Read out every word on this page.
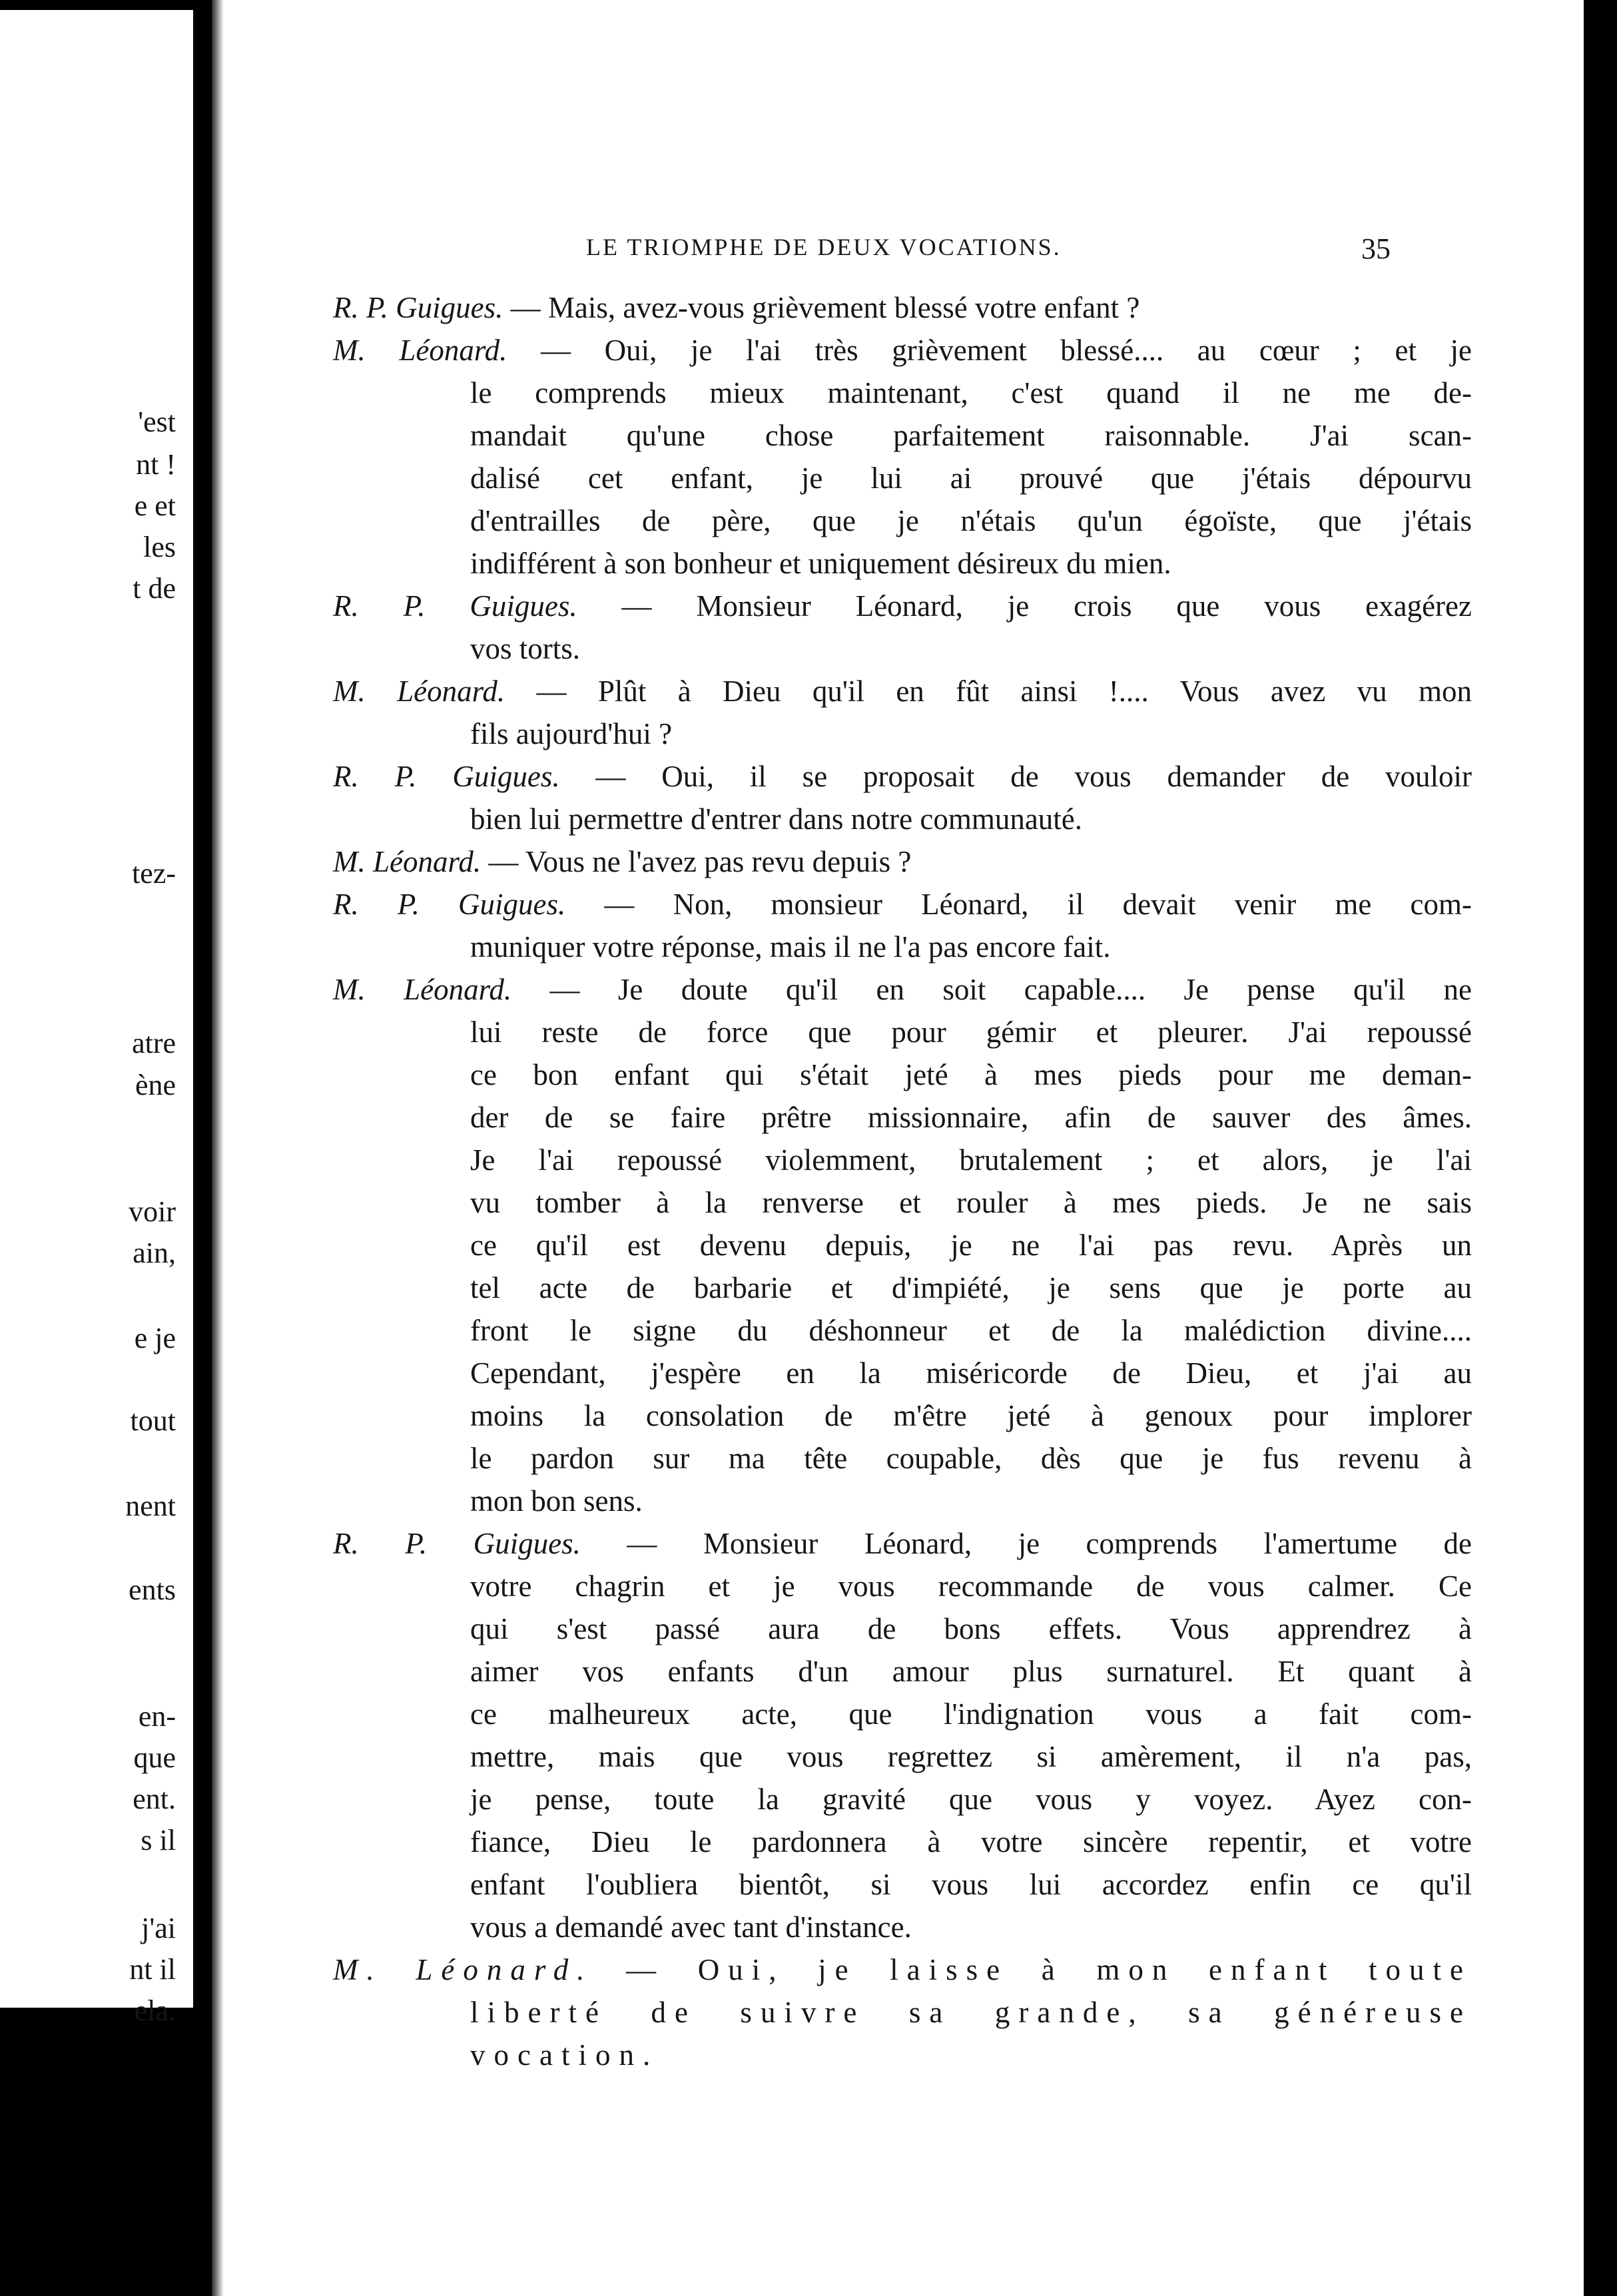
'est
nt !
e et
les
t de
tez-
atre
ène
voir
ain,
e je
tout
nent
ents
en-
que
ent.
s il
j'ai
nt il
ela.
LE TRIOMPHE DE DEUX VOCATIONS.	35
R. P. Guigues. — Mais, avez-vous grièvement blessé votre enfant ?
M. Léonard. — Oui, je l'ai très grièvement blessé.... au cœur ; et je
le comprends mieux maintenant, c'est quand il ne me de-
mandait qu'une chose parfaitement raisonnable. J'ai scan-
dalisé cet enfant, je lui ai prouvé que j'étais dépourvu
d'entrailles de père, que je n'étais qu'un égoïste, que j'étais
indifférent à son bonheur et uniquement désireux du mien.
R. P. Guigues. — Monsieur Léonard, je crois que vous exagérez
vos torts.
M. Léonard. — Plût à Dieu qu'il en fût ainsi !.... Vous avez vu mon
fils aujourd'hui ?
R. P. Guigues. — Oui, il se proposait de vous demander de vouloir
bien lui permettre d'entrer dans notre communauté.
M. Léonard. — Vous ne l'avez pas revu depuis ?
R. P. Guigues. — Non, monsieur Léonard, il devait venir me com-
muniquer votre réponse, mais il ne l'a pas encore fait.
M. Léonard. — Je doute qu'il en soit capable.... Je pense qu'il ne
lui reste de force que pour gémir et pleurer. J'ai repoussé
ce bon enfant qui s'était jeté à mes pieds pour me deman-
der de se faire prêtre missionnaire, afin de sauver des âmes.
Je l'ai repoussé violemment, brutalement ; et alors, je l'ai
vu tomber à la renverse et rouler à mes pieds. Je ne sais
ce qu'il est devenu depuis, je ne l'ai pas revu. Après un
tel acte de barbarie et d'impiété, je sens que je porte au
front le signe du déshonneur et de la malédiction divine....
Cependant, j'espère en la miséricorde de Dieu, et j'ai au
moins la consolation de m'être jeté à genoux pour implorer
le pardon sur ma tête coupable, dès que je fus revenu à
mon bon sens.
R. P. Guigues. — Monsieur Léonard, je comprends l'amertume de
votre chagrin et je vous recommande de vous calmer. Ce
qui s'est passé aura de bons effets. Vous apprendrez à
aimer vos enfants d'un amour plus surnaturel. Et quant à
ce malheureux acte, que l'indignation vous a fait com-
mettre, mais que vous regrettez si amèrement, il n'a pas,
je pense, toute la gravité que vous y voyez. Ayez con-
fiance, Dieu le pardonnera à votre sincère repentir, et votre
enfant l'oubliera bientôt, si vous lui accordez enfin ce qu'il
vous a demandé avec tant d'instance.
M. Léonard. — Oui, je laisse à mon enfant toute
liberté de suivre sa grande, sa généreuse
vocation.
